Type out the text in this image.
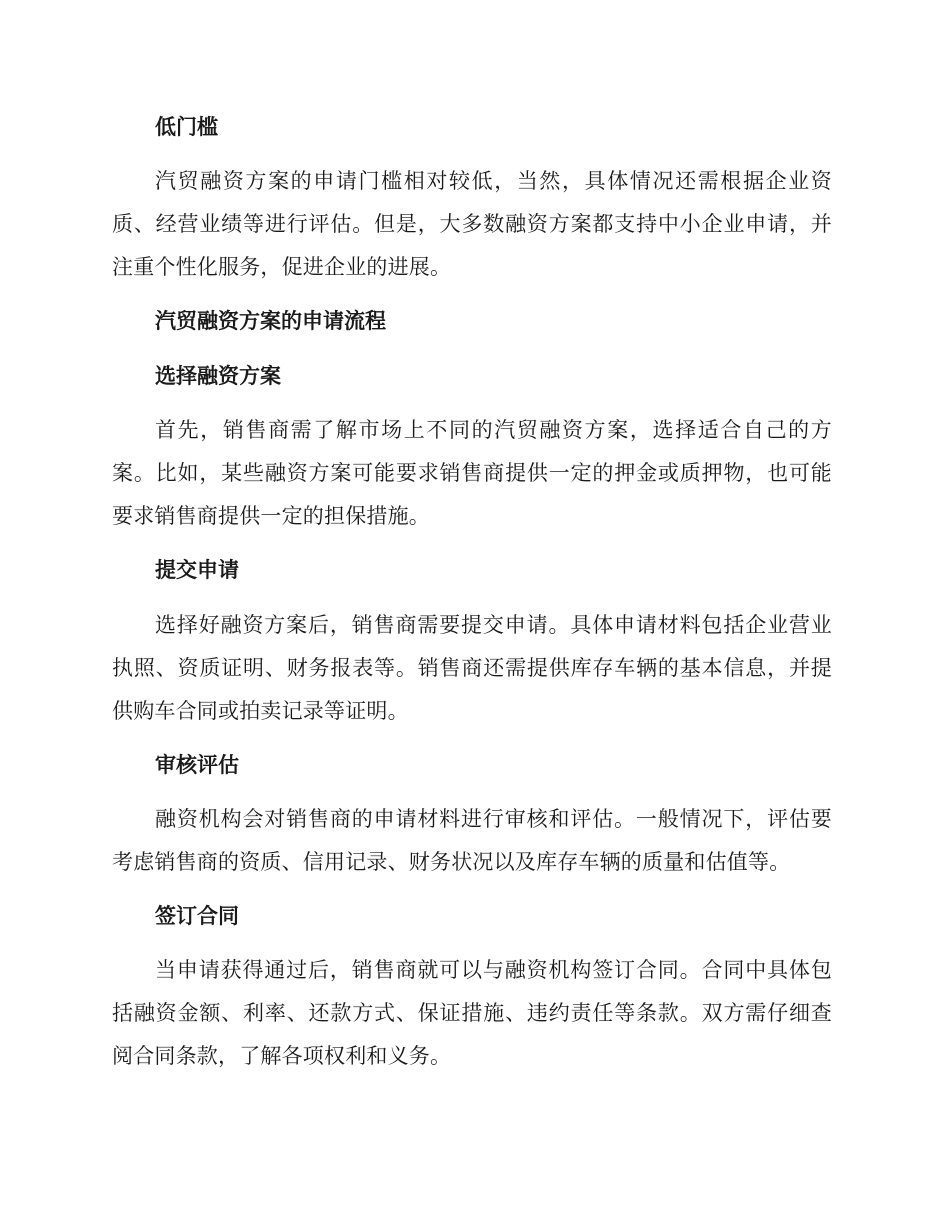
低门槛

汽贸融资方案的申请门槛相对较低，当然，具体情况还需根据企业资质、经营业绩等进行评估。但是，大多数融资方案都支持中小企业申请，并注重个性化服务，促进企业的进展。

汽贸融资方案的申请流程
选择融资方案

首先，销售商需了解市场上不同的汽贸融资方案，选择适合自己的方案。比如，某些融资方案可能要求销售商提供一定的押金或质押物，也可能要求销售商提供一定的担保措施。

提交申请

选择好融资方案后，销售商需要提交申请。具体申请材料包括企业营业执照、资质证明、财务报表等。销售商还需提供库存车辆的基本信息，并提供购车合同或拍卖记录等证明。

审核评估

融资机构会对销售商的申请材料进行审核和评估。一般情况下，评估要考虑销售商的资质、信用记录、财务状况以及库存车辆的质量和估值等。

签订合同

当申请获得通过后，销售商就可以与融资机构签订合同。合同中具体包括融资金额、利率、还款方式、保证措施、违约责任等条款。双方需仔细查阅合同条款，了解各项权利和义务。
